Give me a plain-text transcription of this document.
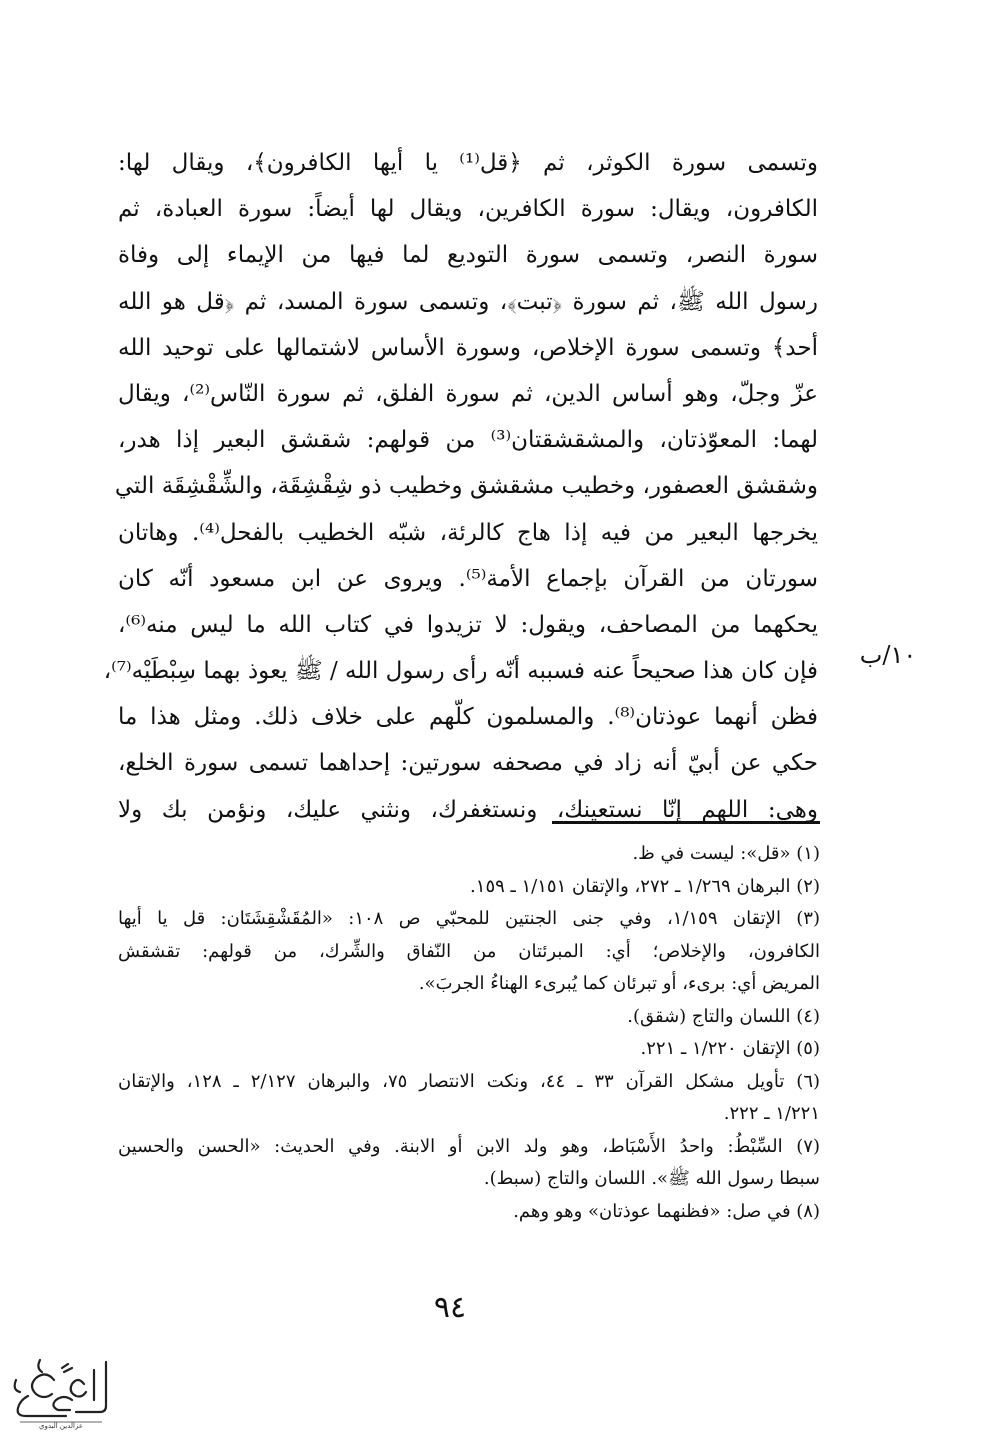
وتسمى سورة الكوثر، ثم ﴿قل⁽¹⁾ يا أيها الكافرون﴾، ويقال لها:
الكافرون، ويقال: سورة الكافرين، ويقال لها أيضاً: سورة العبادة، ثم
سورة النصر، وتسمى سورة التوديع لما فيها من الإيماء إلى وفاة
رسول الله ﷺ، ثم سورة ﴿تبت﴾، وتسمى سورة المسد، ثم ﴿قل هو الله
أحد﴾ وتسمى سورة الإخلاص، وسورة الأساس لاشتمالها على توحيد الله
عزّ وجلّ، وهو أساس الدين، ثم سورة الفلق، ثم سورة النّاس⁽²⁾، ويقال
لهما: المعوّذتان، والمشقشقتان⁽³⁾ من قولهم: شقشق البعير إذا هدر،
وشقشق العصفور، وخطيب مشقشق وخطيب ذو شِقْشِقَة، والشِّقْشِقَة التي
يخرجها البعير من فيه إذا هاج كالرئة، شبّه الخطيب بالفحل⁽⁴⁾. وهاتان
سورتان من القرآن بإجماع الأمة⁽⁵⁾. ويروى عن ابن مسعود أنّه كان
يحكهما من المصاحف، ويقول: لا تزيدوا في كتاب الله ما ليس منه⁽⁶⁾،
فإن كان هذا صحيحاً عنه فسببه أنّه رأى رسول الله / ﷺ يعوذ بهما سِبْطَيْه⁽⁷⁾،
فظن أنهما عوذتان⁽⁸⁾. والمسلمون كلّهم على خلاف ذلك. ومثل هذا ما
حكي عن أبيّ أنه زاد في مصحفه سورتين: إحداهما تسمى سورة الخلع،
وهي: اللهم إنّا نستعينك، ونستغفرك، ونثني عليك، ونؤمن بك ولا
١٠/ب
(١) «قل»: ليست في ظ.
(٢) البرهان ١/٢٦٩ ـ ٢٧٢، والإتقان ١/١٥١ ـ ١٥٩.
(٣) الإتقان ١/١٥٩، وفي جنى الجنتين للمحبّي ص ١٠٨: «المُقَشْقِشَتَان: قل يا أيها
الكافرون، والإخلاص؛ أي: المبرئتان من النّفاق والشِّرك، من قولهم: تقشقش
المريض أي: برىء، أو تبرئان كما يُبرىء الهناءُ الجربَ».
(٤) اللسان والتاج (شقق).
(٥) الإتقان ١/٢٢٠ ـ ٢٢١.
(٦) تأويل مشكل القرآن ٣٣ ـ ٤٤، ونكت الانتصار ٧٥، والبرهان ٢/١٢٧ ـ ١٢٨، والإتقان
١/٢٢١ ـ ٢٢٢.
(٧) السِّبْطُ: واحدُ الأَسْبَاط، وهو ولد الابن أو الابنة. وفي الحديث: «الحسن والحسين
سبطا رسول الله ﷺ». اللسان والتاج (سبط).
(٨) في صل: «فظنهما عوذتان» وهو وهم.
٩٤
عزالدين البدوي
